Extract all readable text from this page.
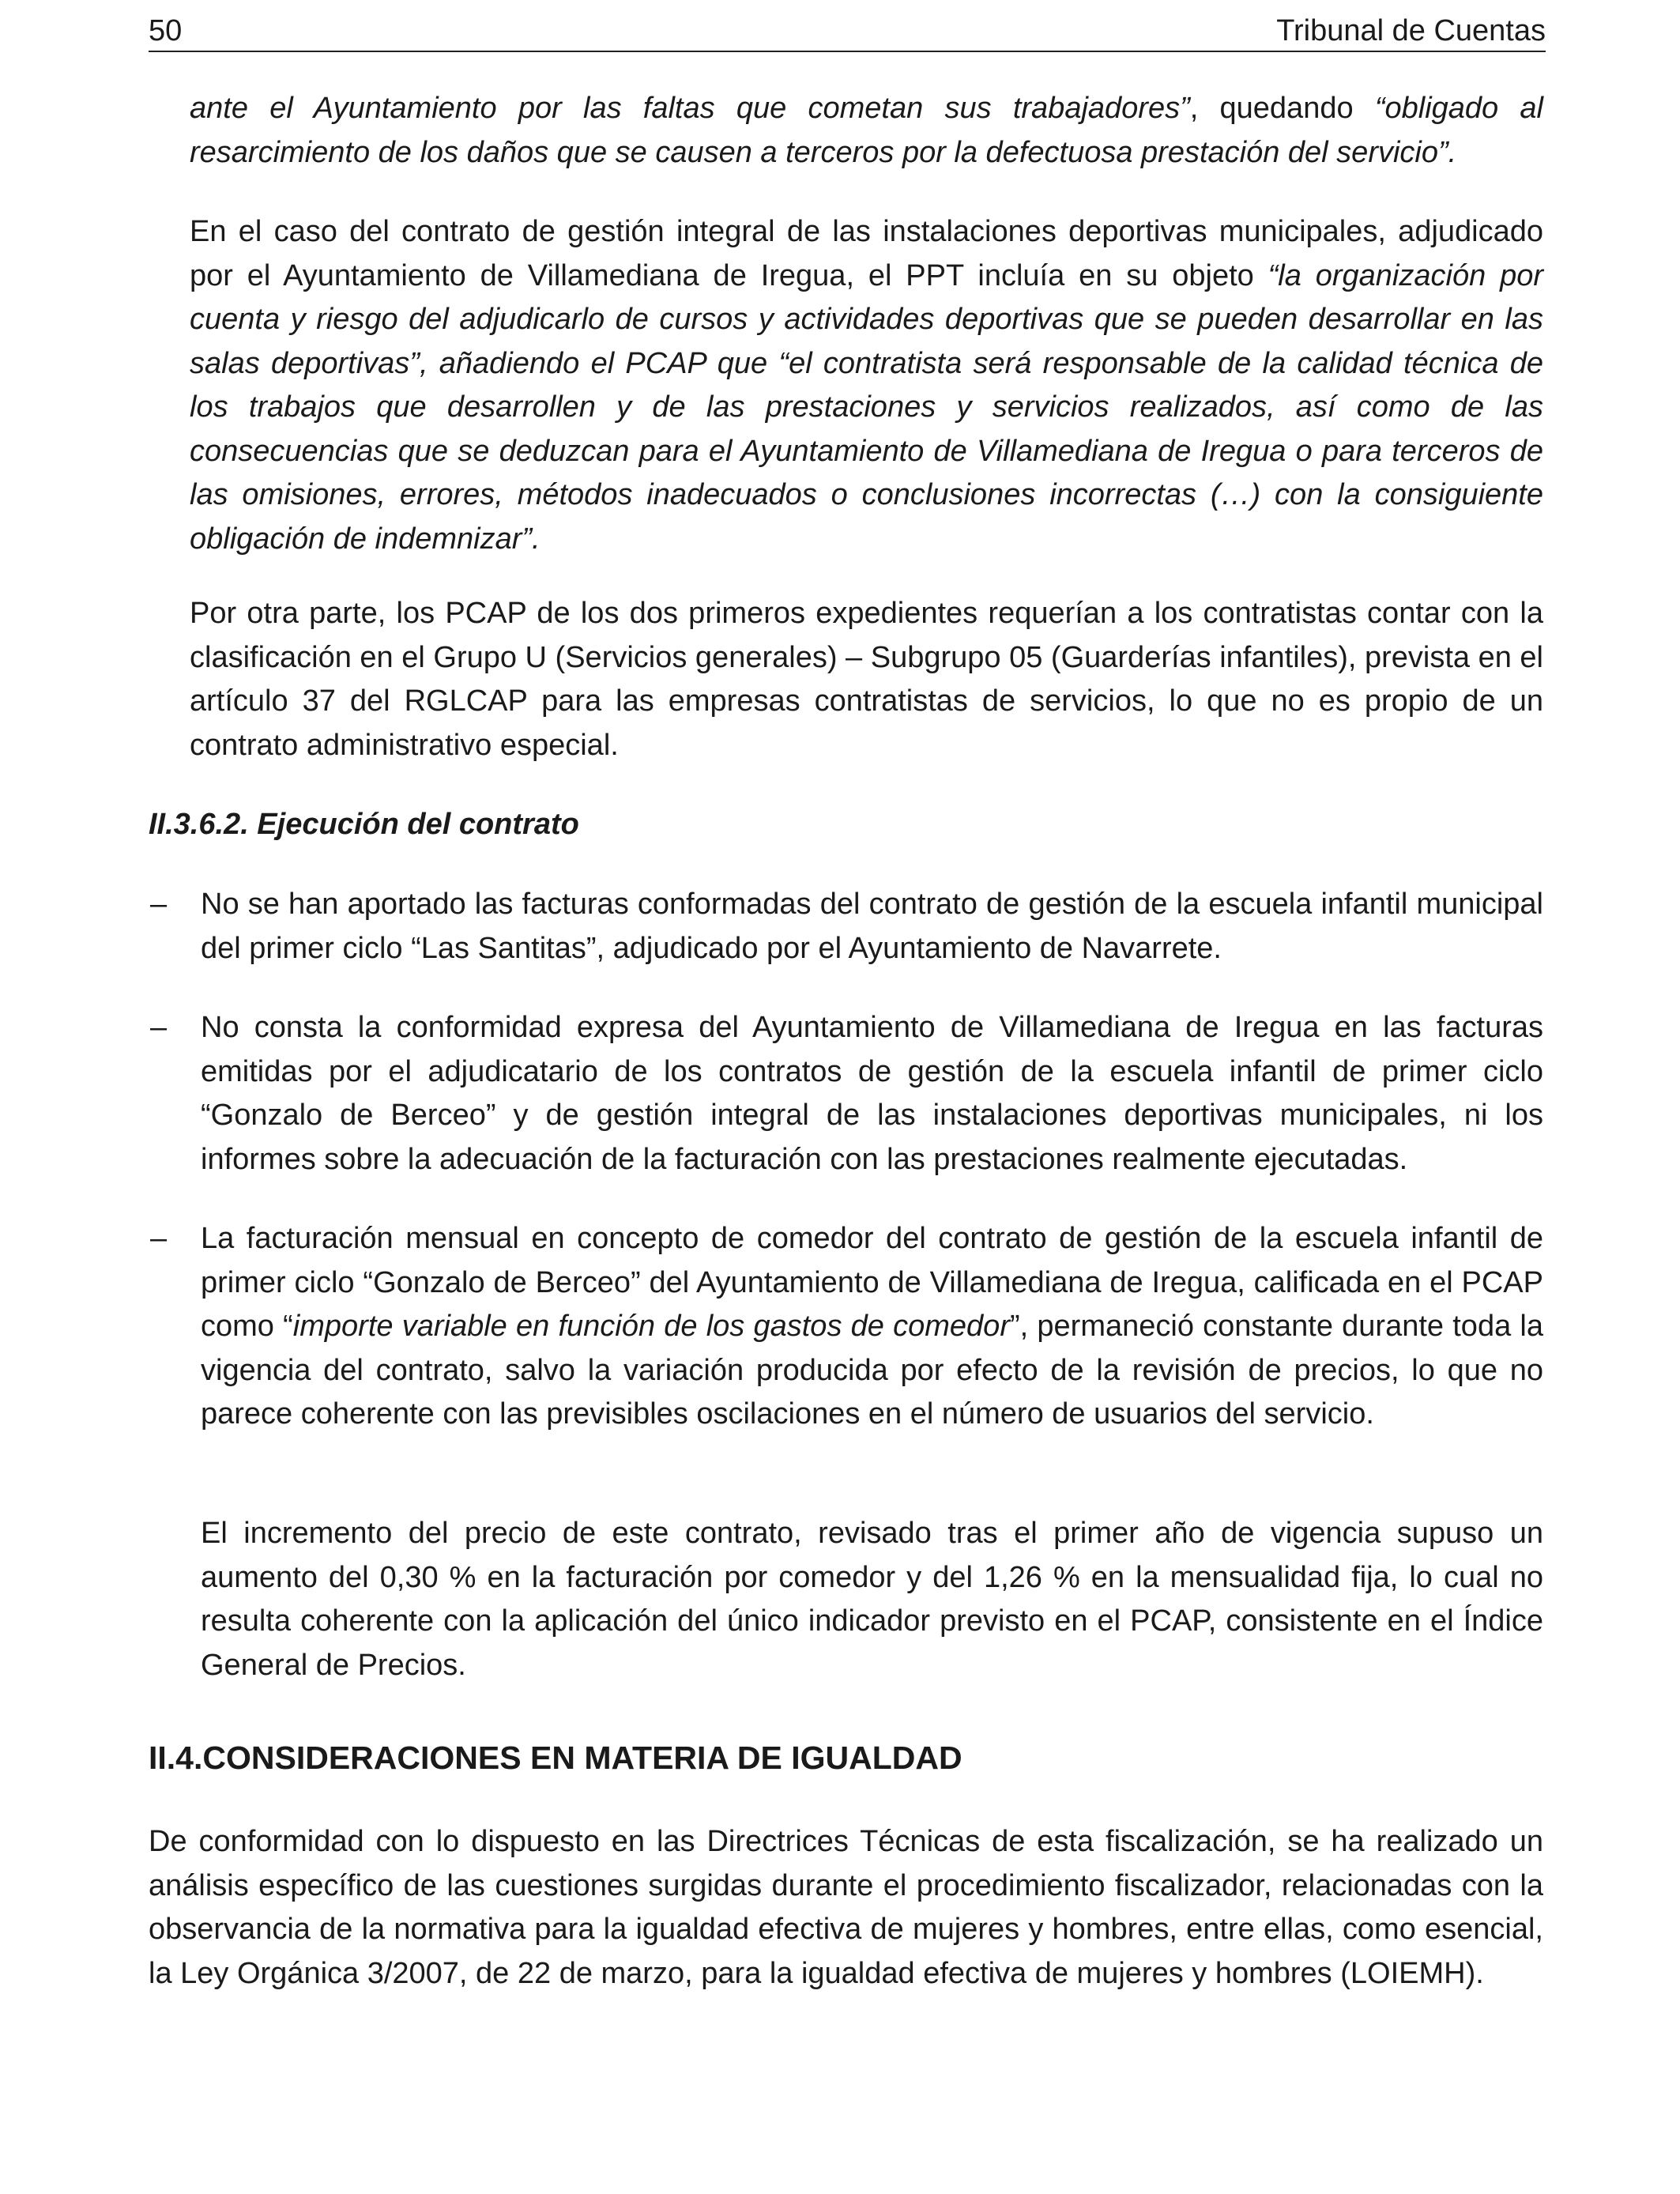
50	Tribunal de Cuentas

ante el Ayuntamiento por las faltas que cometan sus trabajadores”, quedando “obligado al resarcimiento de los daños que se causen a terceros por la defectuosa prestación del servicio”.

En el caso del contrato de gestión integral de las instalaciones deportivas municipales, adjudicado por el Ayuntamiento de Villamediana de Iregua, el PPT incluía en su objeto “la organización por cuenta y riesgo del adjudicarlo de cursos y actividades deportivas que se pueden desarrollar en las salas deportivas”, añadiendo el PCAP que “el contratista será responsable de la calidad técnica de los trabajos que desarrollen y de las prestaciones y servicios realizados, así como de las consecuencias que se deduzcan para el Ayuntamiento de Villamediana de Iregua o para terceros de las omisiones, errores, métodos inadecuados o conclusiones incorrectas (…) con la consiguiente obligación de indemnizar”.

Por otra parte, los PCAP de los dos primeros expedientes requerían a los contratistas contar con la clasificación en el Grupo U (Servicios generales) – Subgrupo 05 (Guarderías infantiles), prevista en el artículo 37 del RGLCAP para las empresas contratistas de servicios, lo que no es propio de un contrato administrativo especial.

II.3.6.2. Ejecución del contrato
– No se han aportado las facturas conformadas del contrato de gestión de la escuela infantil municipal del primer ciclo “Las Santitas”, adjudicado por el Ayuntamiento de Navarrete.

– No consta la conformidad expresa del Ayuntamiento de Villamediana de Iregua en las facturas emitidas por el adjudicatario de los contratos de gestión de la escuela infantil de primer ciclo “Gonzalo de Berceo” y de gestión integral de las instalaciones deportivas municipales, ni los informes sobre la adecuación de la facturación con las prestaciones realmente ejecutadas.

– La facturación mensual en concepto de comedor del contrato de gestión de la escuela infantil de primer ciclo “Gonzalo de Berceo” del Ayuntamiento de Villamediana de Iregua, calificada en el PCAP como “importe variable en función de los gastos de comedor”, permaneció constante durante toda la vigencia del contrato, salvo la variación producida por efecto de la revisión de precios, lo que no parece coherente con las previsibles oscilaciones en el número de usuarios del servicio.

El incremento del precio de este contrato, revisado tras el primer año de vigencia supuso un aumento del 0,30 % en la facturación por comedor y del 1,26 % en la mensualidad fija, lo cual no resulta coherente con la aplicación del único indicador previsto en el PCAP, consistente en el Índice General de Precios.

II.4.CONSIDERACIONES EN MATERIA DE IGUALDAD

De conformidad con lo dispuesto en las Directrices Técnicas de esta fiscalización, se ha realizado un análisis específico de las cuestiones surgidas durante el procedimiento fiscalizador, relacionadas con la observancia de la normativa para la igualdad efectiva de mujeres y hombres, entre ellas, como esencial, la Ley Orgánica 3/2007, de 22 de marzo, para la igualdad efectiva de mujeres y hombres (LOIEMH).
